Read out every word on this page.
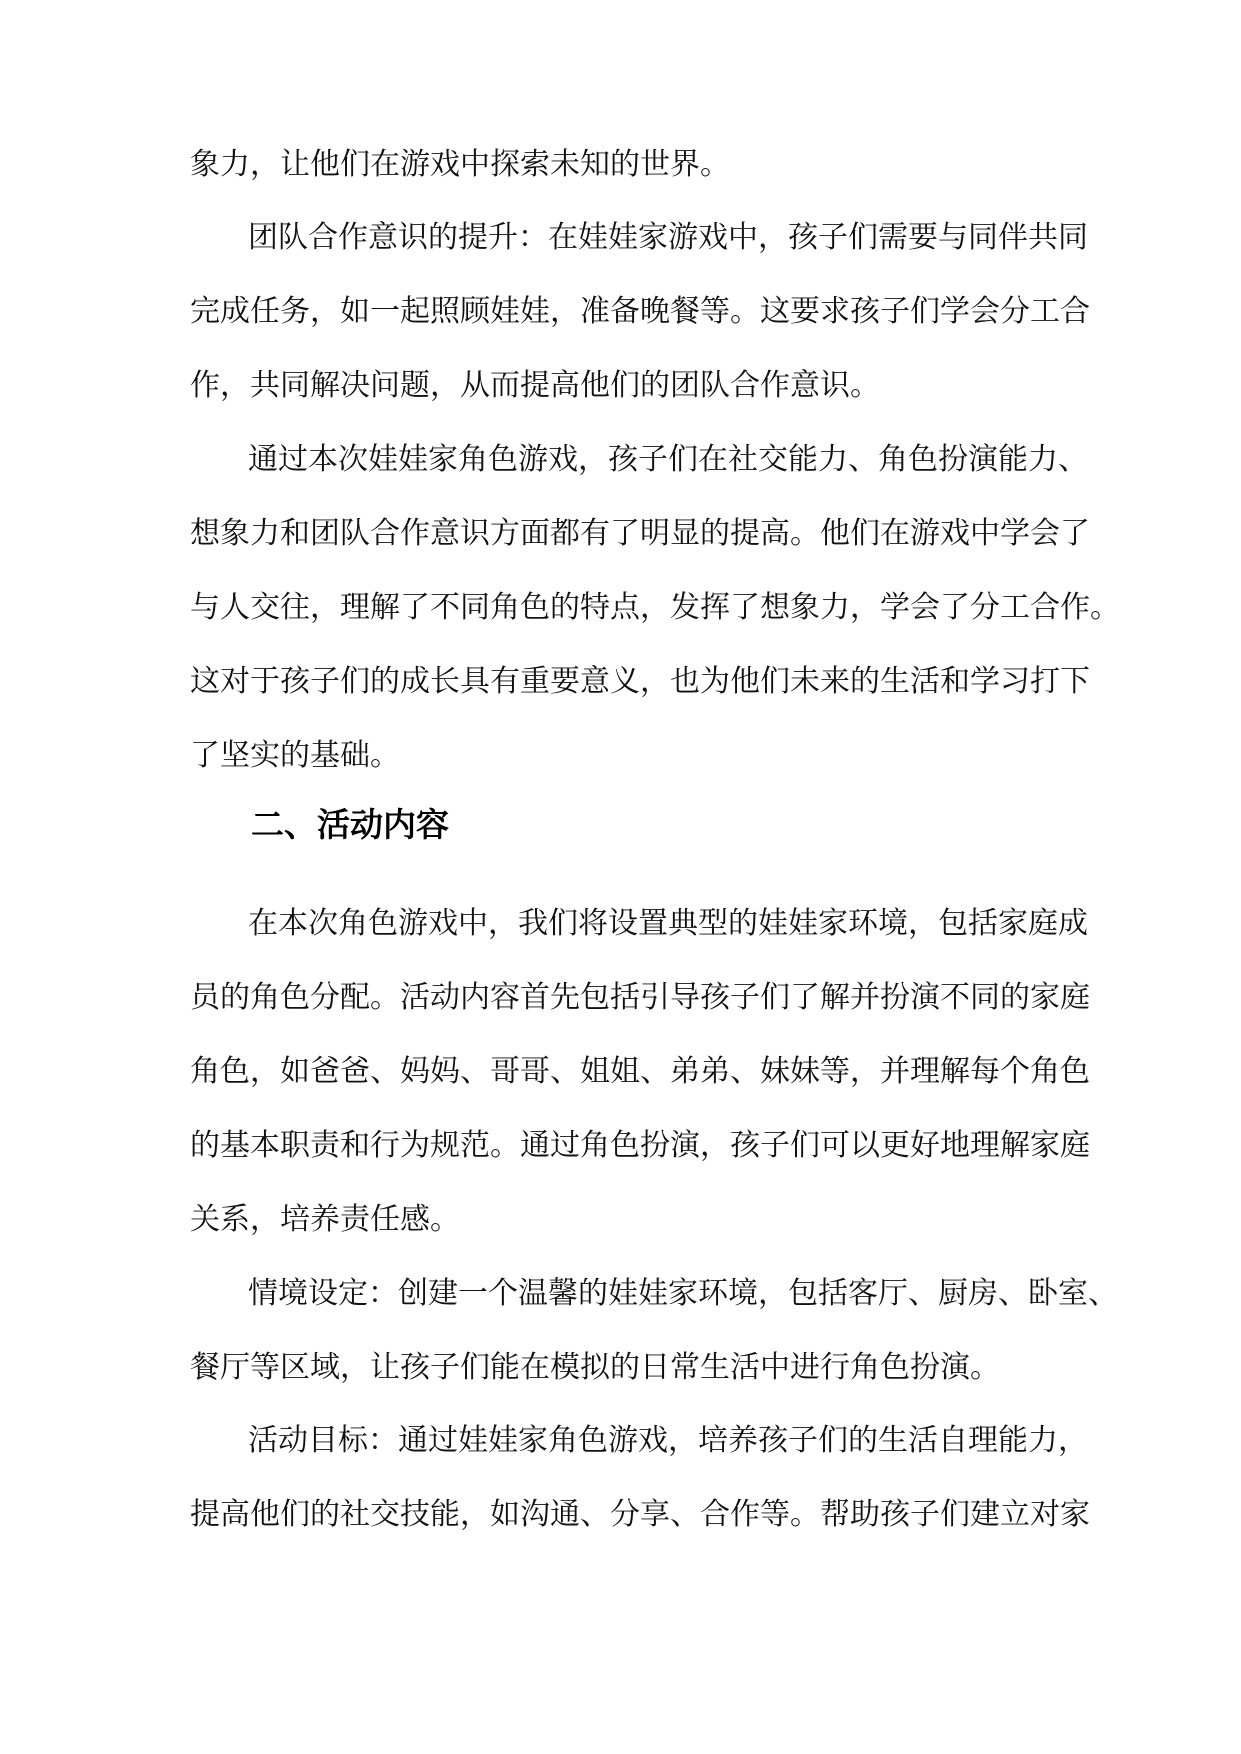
象力，让他们在游戏中探索未知的世界。
团队合作意识的提升：在娃娃家游戏中，孩子们需要与同伴共同
完成任务，如一起照顾娃娃，准备晚餐等。这要求孩子们学会分工合
作，共同解决问题，从而提高他们的团队合作意识。
通过本次娃娃家角色游戏，孩子们在社交能力、角色扮演能力、
想象力和团队合作意识方面都有了明显的提高。他们在游戏中学会了
与人交往，理解了不同角色的特点，发挥了想象力，学会了分工合作。
这对于孩子们的成长具有重要意义，也为他们未来的生活和学习打下
了坚实的基础。
二、活动内容
在本次角色游戏中，我们将设置典型的娃娃家环境，包括家庭成
员的角色分配。活动内容首先包括引导孩子们了解并扮演不同的家庭
角色，如爸爸、妈妈、哥哥、姐姐、弟弟、妹妹等，并理解每个角色
的基本职责和行为规范。通过角色扮演，孩子们可以更好地理解家庭
关系，培养责任感。
情境设定：创建一个温馨的娃娃家环境，包括客厅、厨房、卧室、
餐厅等区域，让孩子们能在模拟的日常生活中进行角色扮演。
活动目标：通过娃娃家角色游戏，培养孩子们的生活自理能力，
提高他们的社交技能，如沟通、分享、合作等。帮助孩子们建立对家
